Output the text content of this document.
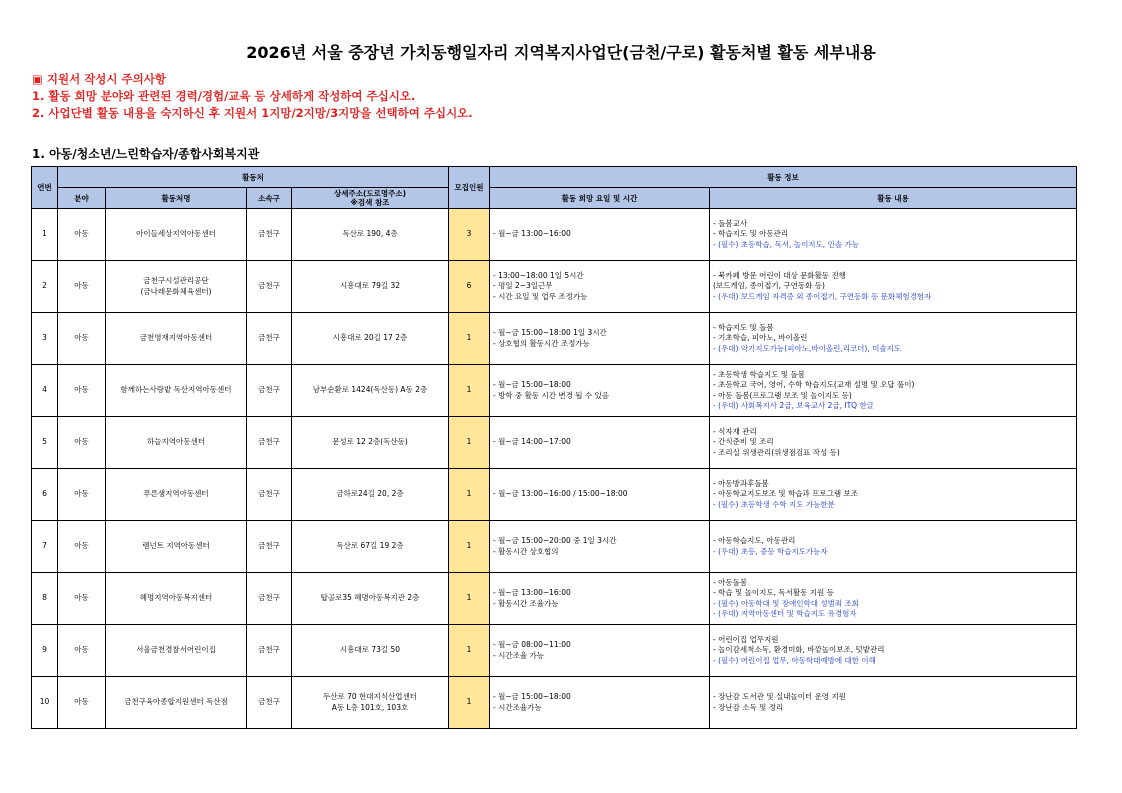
2026년 서울 중장년 가치동행일자리 지역복지사업단(금천/구로) 활동처별 활동 세부내용
▣ 지원서 작성시 주의사항
1. 활동 희망 분야와 관련된 경력/경험/교육 등 상세하게 작성하여 주십시오.
2. 사업단별 활동 내용을 숙지하신 후 지원서 1지망/2지망/3지망을 선택하여 주십시오.
1. 아동/청소년/느린학습자/종합사회복지관
연번	활동처				모집인원	활동 정보	
	분야	활동처명	소속구	상세주소(도로명주소)
※검색 참조		활동 희망 요일 및 시간	활동 내용
1	아동	아이들세상지역아동센터	금천구	독산로 190, 4층	3	- 월~금 13:00~16:00	- 돌봄교사
- 학습지도 및 아동관리
- (필수) 초등학습, 독서, 놀이지도, 인솔 가능

2	아동	금천구시설관리공단
(금나래문화체육센터)	금천구	시흥대로 79길 32	6	- 13:00~18:00 1일 5시간
- 평일 2~3일근무
- 시간 요일 및 업무 조정가능	- 북카페 방문 어린이 대상 문화활동 진행
(보드게임, 종이접기, 구연동화 등)
- (우대) 보드게임 자격증 외 종이접기, 구연동화 등 문화체험경험자

3	아동	금천영재지역아동센터	금천구	시흥대로 20길 17 2층	1	- 월~금 15:00~18:00 1일 3시간
- 상호협의 활동시간 조정가능	- 학습지도 및 돌봄
- 기초학습, 피아노, 바이올린
- (우대) 악기지도가능(피아노,바이올린,리코더), 미술지도

4	아동	함께하는사랑밭 독산지역아동센터	금천구	남부순환로 1424(독산동) A동 2층	1	- 월~금 15:00~18:00
- 방학 중 활동 시간 변경 될 수 있음	- 초등학생 학습지도 및 돌봄
- 초등학교 국어, 영어, 수학 학습지도(교재 설명 및 오답 풀이)
- 아동 돌봄(프로그램 보조 및 놀이지도 등)
- (우대) 사회복지사 2급, 보육교사 2급, ITQ 한글

5	아동	하늘지역아동센터	금천구	문성로 12 2층(독산동)	1	- 월~금 14:00~17:00	- 식자재 관리
- 간식준비 및 조리
- 조리실 위생관리(위생점검표 작성 등)

6	아동	푸른샘지역아동센터	금천구	금하로24길 20, 2층	1	- 월~금 13:00~16:00 / 15:00~18:00	- 아동방과후돌봄
- 아동학교지도보조 및 학습과 프로그램 보조
- (필수) 초등학생 수학 지도 가능한분

7	아동	렘넌트 지역아동센터	금천구	독산로 67길 19 2층	1	- 월~금 15:00~20:00 중 1일 3시간
- 활동시간 상호협의	- 아동학습지도, 아동관리
- (우대) 초등, 중등 학습지도가능자

8	아동	혜명지역아동복지센터	금천구	탑골로35 혜명아동복지관 2층	1	- 월~금 13:00~16:00
- 활동시간 조율가능	- 아동돌봄
- 학습 및 놀이지도, 독서활동 지원 등
- (필수) 아동학대 및 장애인학대 성범죄 조회
- (우대) 지역아동센터 및 학습지도 유경험자

9	아동	서울금천경찰서어린이집	금천구	시흥대로 73길 50	1	- 월~금 08:00~11:00
- 시간조율 가능	- 어린이집 업무지원
- 놀이감세척소독, 환경미화, 바깥놀이보조, 텃밭관리
- (필수) 어린이집 업무, 아동학대예방에 대한 이해

10	아동	금천구육아종합지원센터 독산점	금천구	두산로 70 현대지식산업센터
A동 L층 101호, 103호	1	- 월~금 15:00~18:00
- 시간조율가능	- 장난감 도서관 및 실내놀이터 운영 지원
- 장난감 소독 및 정리
